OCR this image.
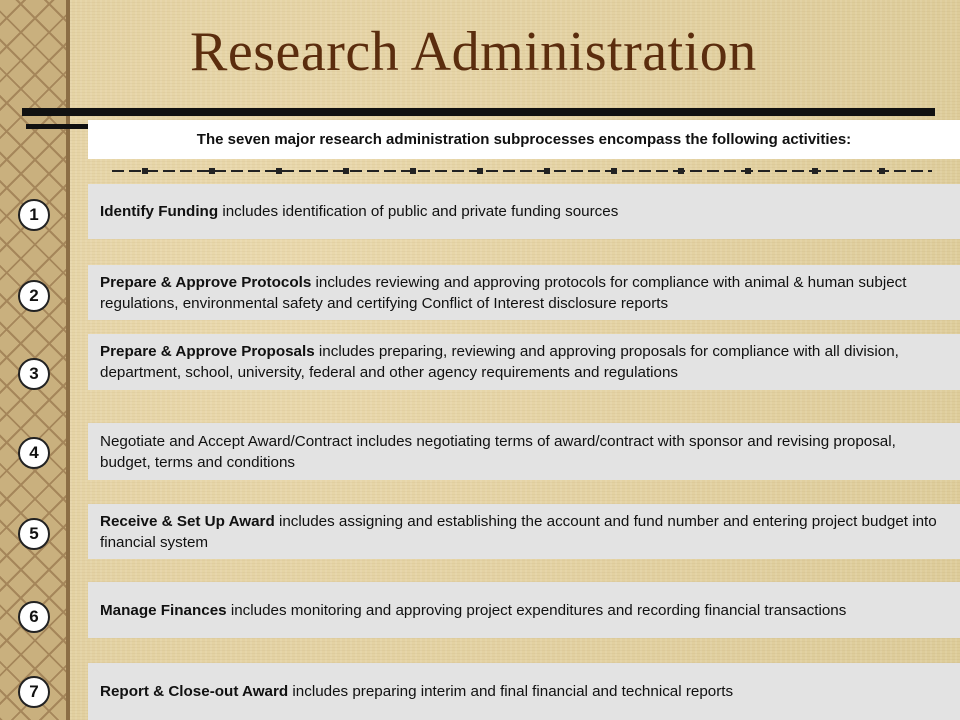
Research Administration
The seven major research administration subprocesses encompass the following activities:
1	Identify Funding includes identification of public and private funding sources
2
Prepare & Approve Protocols includes reviewing and approving protocols for compliance with animal & human subject regulations, environmental safety and certifying Conflict of Interest disclosure reports
3
Prepare & Approve Proposals includes preparing, reviewing and approving proposals for compliance with all division, department, school, university, federal and other agency requirements and regulations
4
Negotiate and Accept Award/Contract includes negotiating terms of award/contract with sponsor and revising proposal, budget, terms and conditions
5
Receive & Set Up Award includes assigning and establishing the account and fund number and entering project budget into financial system
6	Manage Finances includes monitoring and approving project expenditures and recording financial transactions
7	Report & Close-out Award includes preparing interim and final financial and technical reports
